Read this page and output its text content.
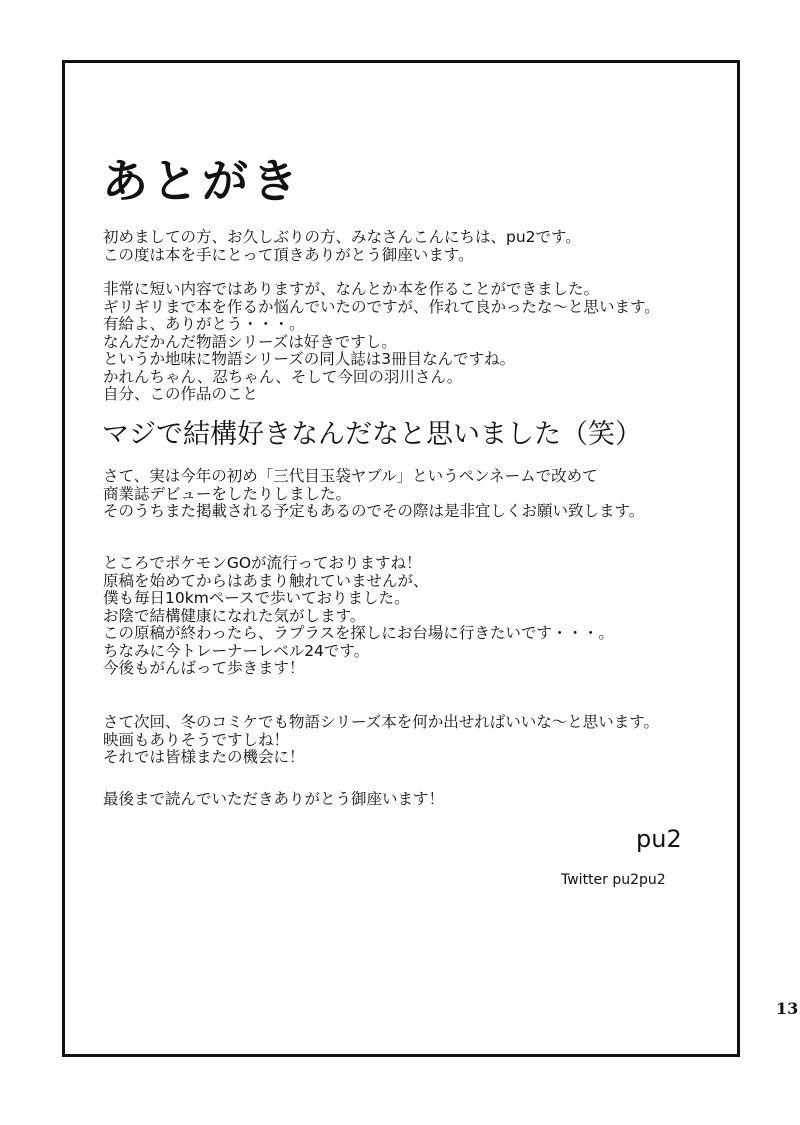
あとがき
初めましての方、お久しぶりの方、みなさんこんにちは、pu2です。
この度は本を手にとって頂きありがとう御座います。
非常に短い内容ではありますが、なんとか本を作ることができました。
ギリギリまで本を作るか悩んでいたのですが、作れて良かったな～と思います。
有給よ、ありがとう・・・。
なんだかんだ物語シリーズは好きですし。
というか地味に物語シリーズの同人誌は3冊目なんですね。
かれんちゃん、忍ちゃん、そして今回の羽川さん。
自分、この作品のこと
マジで結構好きなんだなと思いました（笑）
さて、実は今年の初め「三代目玉袋ヤブル」というペンネームで改めて
商業誌デビューをしたりしました。
そのうちまた掲載される予定もあるのでその際は是非宜しくお願い致します。
ところでポケモンGOが流行っておりますね！
原稿を始めてからはあまり触れていませんが、
僕も毎日10kmペースで歩いておりました。
お陰で結構健康になれた気がします。
この原稿が終わったら、ラプラスを探しにお台場に行きたいです・・・。
ちなみに今トレーナーレベル24です。
今後もがんばって歩きます！
さて次回、冬のコミケでも物語シリーズ本を何か出せればいいな～と思います。
映画もありそうですしね！
それでは皆様またの機会に！
最後まで読んでいただきありがとう御座います！
pu2
Twitter pu2pu2
13
